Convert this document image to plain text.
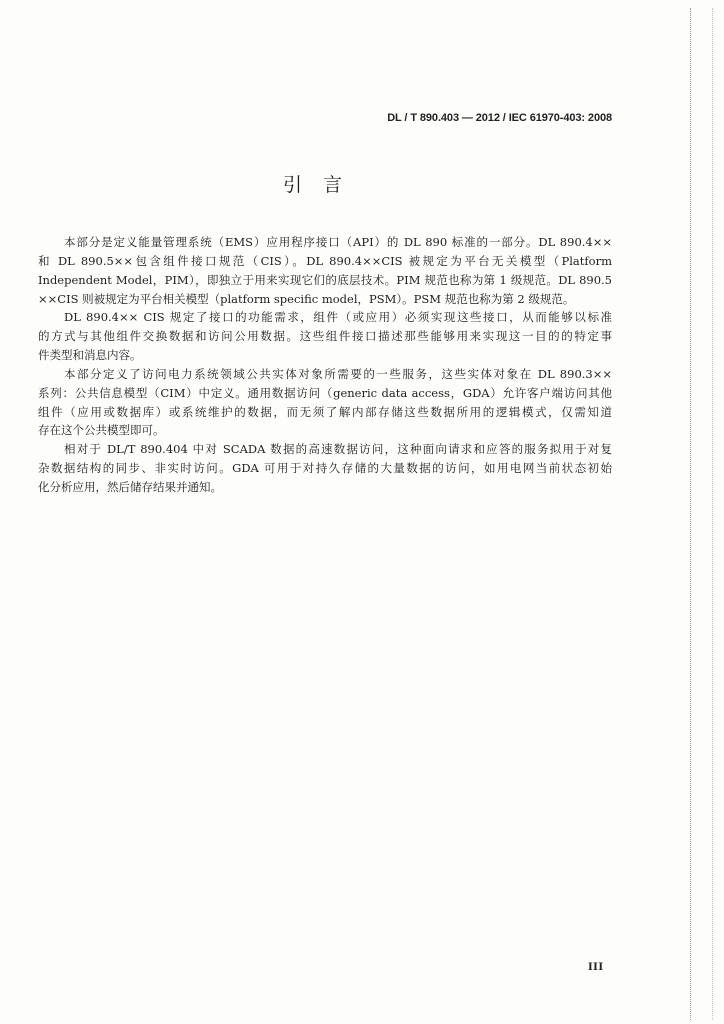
DL / T 890.403 — 2012 / IEC 61970-403: 2008
引　言

本部分是定义能量管理系统（EMS）应用程序接口（API）的 DL 890 标准的一部分。DL 890.4××
和 DL 890.5××包含组件接口规范（CIS）。DL 890.4××CIS 被规定为平台无关模型（Platform
Independent Model，PIM），即独立于用来实现它们的底层技术。PIM 规范也称为第 1 级规范。DL 890.5
××CIS 则被规定为平台相关模型（platform specific model，PSM）。PSM 规范也称为第 2 级规范。

DL 890.4×× CIS 规定了接口的功能需求，组件（或应用）必须实现这些接口，从而能够以标准
的方式与其他组件交换数据和访问公用数据。这些组件接口描述那些能够用来实现这一目的的特定事
件类型和消息内容。

本部分定义了访问电力系统领域公共实体对象所需要的一些服务，这些实体对象在 DL 890.3××
系列：公共信息模型（CIM）中定义。通用数据访问（generic data access，GDA）允许客户端访问其他
组件（应用或数据库）或系统维护的数据，而无须了解内部存储这些数据所用的逻辑模式，仅需知道
存在这个公共模型即可。

相对于 DL/T 890.404 中对 SCADA 数据的高速数据访问，这种面向请求和应答的服务拟用于对复
杂数据结构的同步、非实时访问。GDA 可用于对持久存储的大量数据的访问，如用电网当前状态初始
化分析应用，然后储存结果并通知。

III
